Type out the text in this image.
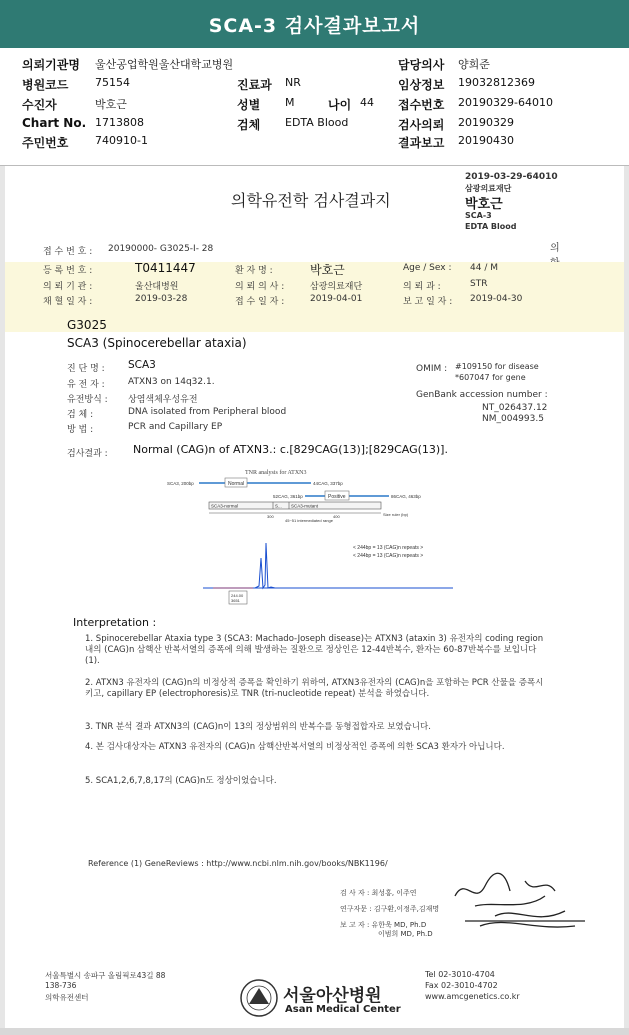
SCA-3 검사결과보고서
의뢰기관명 울산공업학원울산대학교병원	담당의사 양희준
병원코드 75154	진료과 NR	임상정보 19032812369
수진자	박호근	성별 M	나이 44 접수번호 20190329-64010
Chart No. 1713808	검체 EDTA Blood	검사의뢰 20190329
주민번호 740910-1	결과보고 20190430
의학유전학 검사결과지
2019-03-29-64010
삼광의료재단
박호근
SCA-3
EDTA Blood
의
접 수 번 호 : 20190000- G3025-I- 28
등 록 번 호 :	T0411447	환 자 명 :	박호근	Age / Sex : 44 / M
의 뢰 기 관 :	울산대병원	의 뢰 의 사 :	삼광의료재단	의 뢰 과 :	STR
채 혈 일 자 :	2019-03-28	접 수 일 자 :	2019-04-01	보 고 일 자 : 2019-04-30
G3025
SCA3 (Spinocerebellar ataxia)
진 단 명 : SCA3
유 전 자 :	ATXN3 on 14q32.1.
유전방식 : 상염색체우성유전
검 체 :	DNA isolated from Peripheral blood
방 법 :	PCR and Capillary EP
OMIM : #109150 for disease
*607047 for gene
GenBank accession number :
NT_026437.12
NM_004993.5
검사결과 : Normal (CAG)n of ATXN3.: c.[829CAG(13)];[829CAG(13)].
TNR analysis for ATXN3
SCA3, 200bp	Normal	44CAG, 337bp
52CAG, 361bp	Positive	86CAG, 463bp
SCA3-normal	S... SCA3-mutant
300	400	Size ruler (bp)
45~51 intermediated range
< 244bp = 13 (CAG)n repeats >
< 244bp = 13 (CAG)n repeats >
244.00
3651
Interpretation :
1. Spinocerebellar Ataxia type 3 (SCA3: Machado-Joseph disease)는 ATXN3 (ataxin 3) 유전자의 coding region 내의 (CAG)n 삼핵산 반복서열의 증폭에 의해 발생하는 질환으로 정상인은 12-44반복수, 환자는 60-87반복수를 보입니다 (1).
2. ATXN3 유전자의 (CAG)n의 비정상적 증폭을 확인하기 위하여, ATXN3유전자의 (CAG)n을 포함하는 PCR 산물을 증폭시키고, capillary EP (electrophoresis)로 TNR (tri-nucleotide repeat) 분석을 하였습니다.
3. TNR 분석 결과 ATXN3의 (CAG)n이 13의 정상범위의 반복수를 동형접합자로 보였습니다.
4. 본 검사대상자는 ATXN3 유전자의 (CAG)n 삼핵산반복서열의 비정상적인 증폭에 의한 SCA3 환자가 아닙니다.
5. SCA1,2,6,7,8,17의 (CAG)n도 정상이었습니다.
Reference (1) GeneReviews : http://www.ncbi.nlm.nih.gov/books/NBK1196/
검 사 자 : 최성홍, 이주연
연구자문 : 김구환,이정주,김재명
보 고 자 : 유한욱 MD, Ph.D
이범희 MD, Ph.D
서울특별시 송파구 올림픽로43길 88
138-736
의학유전센터	서울아산병원
Asan Medical Center
Tel 02-3010-4704
Fax 02-3010-4702
www.amcgenetics.co.kr
